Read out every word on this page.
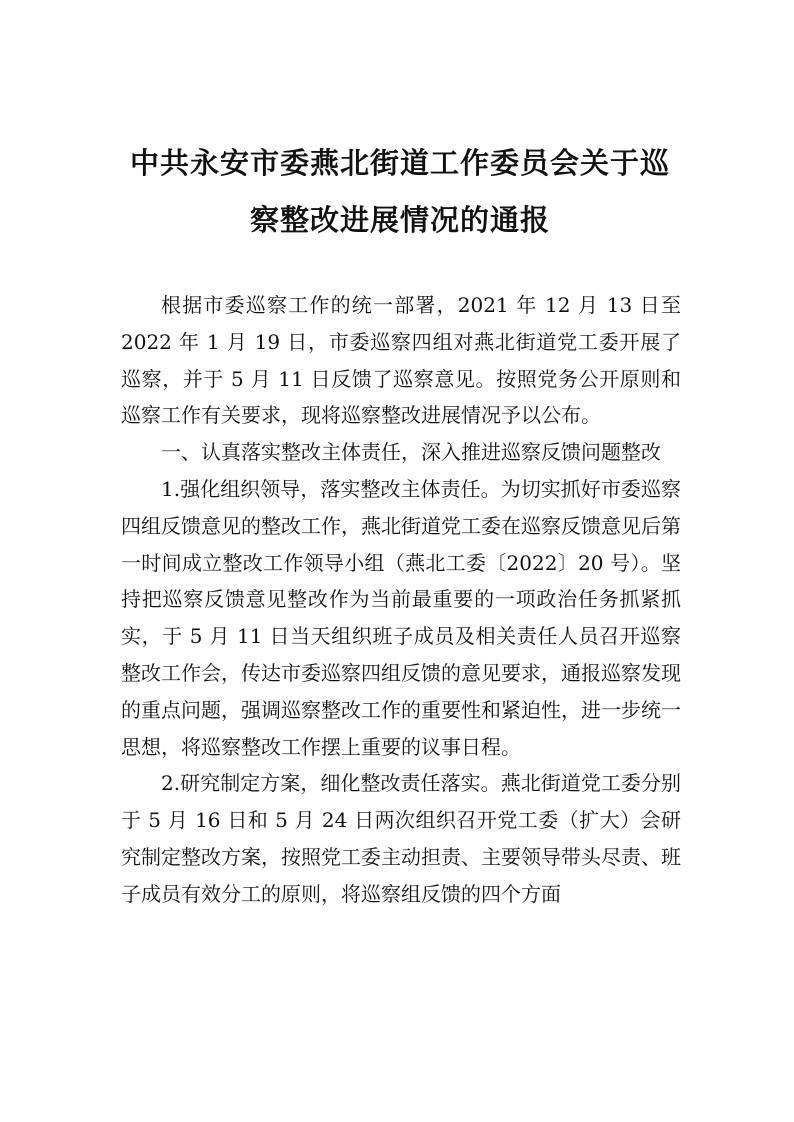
中共永安市委燕北街道工作委员会关于巡
察整改进展情况的通报

根据市委巡察工作的统一部署，2021 年 12 月 13 日至 2022 年 1 月 19 日，市委巡察四组对燕北街道党工委开展了巡察，并于 5 月 11 日反馈了巡察意见。按照党务公开原则和巡察工作有关要求，现将巡察整改进展情况予以公布。

一、认真落实整改主体责任，深入推进巡察反馈问题整改

1.强化组织领导，落实整改主体责任。为切实抓好市委巡察四组反馈意见的整改工作，燕北街道党工委在巡察反馈意见后第一时间成立整改工作领导小组（燕北工委〔2022〕20 号）。坚持把巡察反馈意见整改作为当前最重要的一项政治任务抓紧抓实，于 5 月 11 日当天组织班子成员及相关责任人员召开巡察整改工作会，传达市委巡察四组反馈的意见要求，通报巡察发现的重点问题，强调巡察整改工作的重要性和紧迫性，进一步统一思想，将巡察整改工作摆上重要的议事日程。

2.研究制定方案，细化整改责任落实。燕北街道党工委分别于 5 月 16 日和 5 月 24 日两次组织召开党工委（扩大）会研究制定整改方案，按照党工委主动担责、主要领导带头尽责、班子成员有效分工的原则，将巡察组反馈的四个方面
